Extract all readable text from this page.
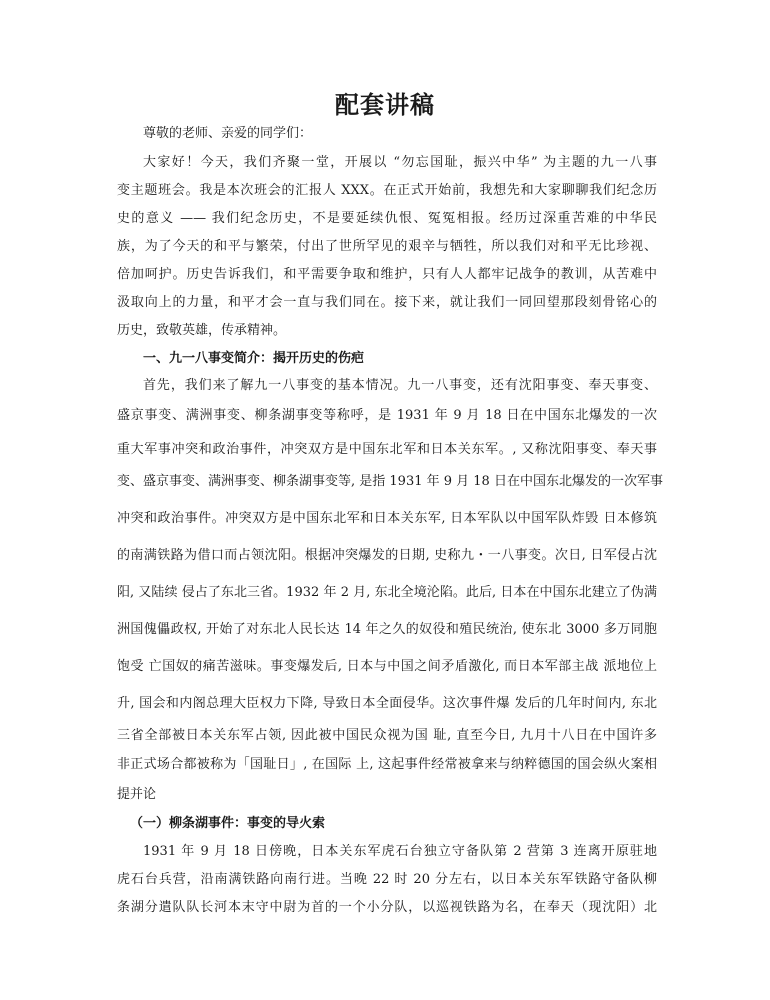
配套讲稿
尊敬的老师、亲爱的同学们：
大家好！今天，我们齐聚一堂，开展以 “勿忘国耻，振兴中华” 为主题的九一八事
变主题班会。我是本次班会的汇报人 XXX。在正式开始前，我想先和大家聊聊我们纪念历
史的意义 —— 我们纪念历史，不是要延续仇恨、冤冤相报。经历过深重苦难的中华民
族，为了今天的和平与繁荣，付出了世所罕见的艰辛与牺牲，所以我们对和平无比珍视、
倍加呵护。历史告诉我们，和平需要争取和维护，只有人人都牢记战争的教训，从苦难中
汲取向上的力量，和平才会一直与我们同在。接下来，就让我们一同回望那段刻骨铭心的
历史，致敬英雄，传承精神。
一、九一八事变简介：揭开历史的伤疤
首先，我们来了解九一八事变的基本情况。九一八事变，还有沈阳事变、奉天事变、
盛京事变、满洲事变、柳条湖事变等称呼，是 1931 年 9 月 18 日在中国东北爆发的一次
重大军事冲突和政治事件，冲突双方是中国东北军和日本关东军。, 又称沈阳事变、奉天事
变、盛京事变、满洲事变、柳条湖事变等, 是指 1931 年 9 月 18 日在中国东北爆发的一次军事
冲突和政治事件。冲突双方是中国东北军和日本关东军, 日本军队以中国军队炸毁 日本修筑
的南满铁路为借口而占领沈阳。根据冲突爆发的日期, 史称九・一八事变。次日, 日军侵占沈
阳, 又陆续 侵占了东北三省。1932 年 2 月, 东北全境沦陷。此后, 日本在中国东北建立了伪满
洲国傀儡政权, 开始了对东北人民长达 14 年之久的奴役和殖民统治, 使东北 3000 多万同胞
饱受 亡国奴的痛苦滋味。事变爆发后, 日本与中国之间矛盾激化, 而日本军部主战 派地位上
升, 国会和内阁总理大臣权力下降, 导致日本全面侵华。这次事件爆 发后的几年时间内, 东北
三省全部被日本关东军占领, 因此被中国民众视为国 耻, 直至今日, 九月十八日在中国许多
非正式场合都被称为「国耻日」, 在国际 上, 这起事件经常被拿来与纳粹德国的国会纵火案相
提并论
（一）柳条湖事件：事变的导火索
1931 年 9 月 18 日傍晚，日本关东军虎石台独立守备队第 2 营第 3 连离开原驻地
虎石台兵营，沿南满铁路向南行进。当晚 22 时 20 分左右，以日本关东军铁路守备队柳
条湖分遣队队长河本末守中尉为首的一个小分队，以巡视铁路为名，在奉天（现沈阳）北
